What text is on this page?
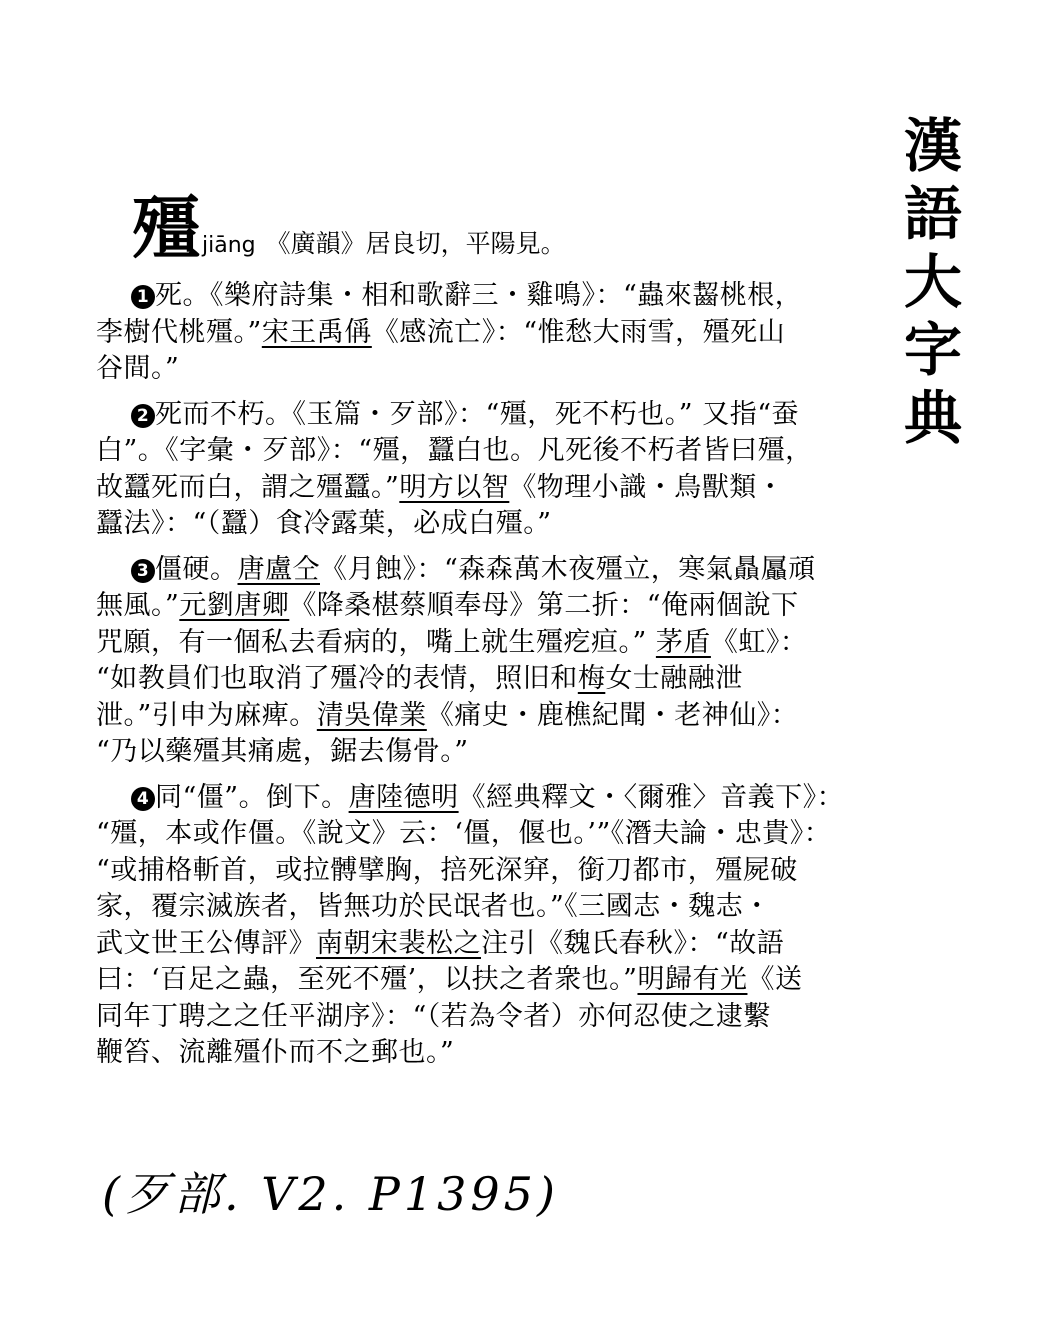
漢
語
大
字
典
殭jiāng 《廣韻》居良切，平陽見。
1 死。《樂府詩集・相和歌辭三・雞鳴》：“蟲來齧桃根，
李樹代桃殭。”宋王禹偁《感流亡》：“惟愁大雨雪，殭死山
谷間。”
2 死而不朽。《玉篇・歹部》：“殭，死不朽也。” 又指“蚕
白”。《字彙・歹部》：“殭，蠶白也。凡死後不朽者皆曰殭，
故蠶死而白，謂之殭蠶。”明方以智《物理小識・鳥獸類・
蠶法》：“（蠶）食冷露葉，必成白殭。”
3 僵硬。唐盧仝《月蝕》：“森森萬木夜殭立，寒氣贔屭頑
無風。”元劉唐卿《降桑椹蔡順奉母》第二折：“俺兩個說下
咒願，有一個私去看病的，嘴上就生殭疙疸。” 茅盾《虹》：
“如教員们也取消了殭冷的表情，照旧和梅女士融融泄
泄。”引申为麻痺。清吳偉業《痛史・鹿樵紀聞・老神仙》：
“乃以藥殭其痛處，鋸去傷骨。”
4 同“僵”。倒下。唐陸德明《經典釋文・〈爾雅〉音義下》：
“殭，本或作僵。《說文》云：‘僵，偃也。’”《潛夫論・忠貴》：
“或捕格斬首，或拉髆擘胸，掊死深穽，銜刀都市，殭屍破
家，覆宗滅族者，皆無功於民氓者也。”《三國志・魏志・
武文世王公傳評》南朝宋裴松之注引《魏氏春秋》：“故語
曰：‘百足之蟲，至死不殭’，以扶之者衆也。”明歸有光《送
同年丁聘之之任平湖序》：“（若為令者）亦何忍使之逮繫
鞭笞、流離殭仆而不之郵也。”
(歹部. V2. P1395)
